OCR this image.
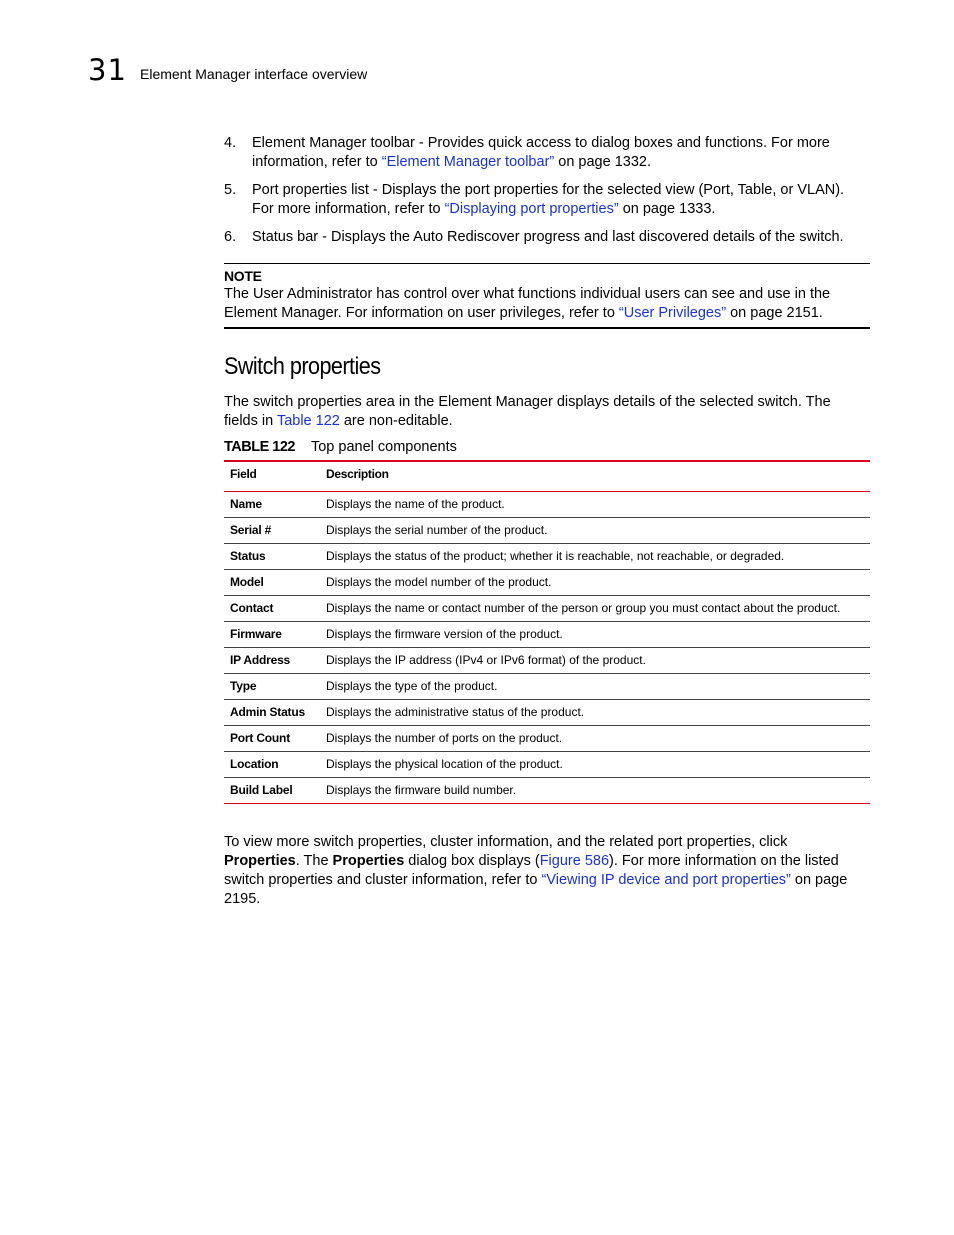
31 Element Manager interface overview
4. Element Manager toolbar - Provides quick access to dialog boxes and functions. For more information, refer to “Element Manager toolbar” on page 1332.
5. Port properties list - Displays the port properties for the selected view (Port, Table, or VLAN). For more information, refer to “Displaying port properties” on page 1333.
6. Status bar - Displays the Auto Rediscover progress and last discovered details of the switch.
NOTE
The User Administrator has control over what functions individual users can see and use in the Element Manager. For information on user privileges, refer to “User Privileges” on page 2151.
Switch properties

The switch properties area in the Element Manager displays details of the selected switch. The fields in Table 122 are non-editable.

TABLE 122 Top panel components
Field	Description
Name	Displays the name of the product.
Serial #	Displays the serial number of the product.
Status	Displays the status of the product; whether it is reachable, not reachable, or degraded.
Model	Displays the model number of the product.
Contact	Displays the name or contact number of the person or group you must contact about the product.
Firmware	Displays the firmware version of the product.
IP Address	Displays the IP address (IPv4 or IPv6 format) of the product.
Type	Displays the type of the product.
Admin Status	Displays the administrative status of the product.
Port Count	Displays the number of ports on the product.
Location	Displays the physical location of the product.
Build Label	Displays the firmware build number.

To view more switch properties, cluster information, and the related port properties, click Properties. The Properties dialog box displays (Figure 586). For more information on the listed switch properties and cluster information, refer to “Viewing IP device and port properties” on page 2195.
